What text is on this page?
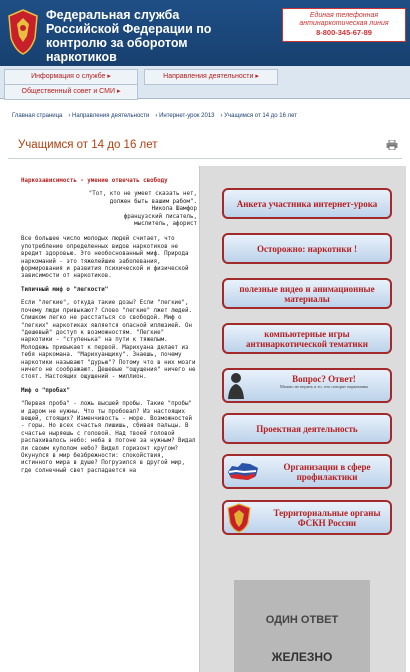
Федеральная служба Российской Федерации по контролю за оборотом наркотиков
Единая телефонная антинаркотическая линия
8-800-345-67-89
Информация о службе ▸	Направления деятельности ▸
Общественный совет и СМИ ▸
Главная страница › Направления деятельности › Интернет-урок 2013 › Учащимся от 14 до 16 лет
Учащимся от 14 до 16 лет

Наркозависимость - умение отвечать свободу

"Тот, кто не умеет сказать нет,
должен быть вашим рабом".
Никола Шамфор
французский писатель,
мыслитель, афорист

Все большее число молодых людей считает, что употребление определенных видов наркотиков не вредит здоровью. Это необоснованный миф. Природа наркоманий - это тяжелейшие заболевания, формирования и развития психической и физической зависимости от наркотиков.

Типичный миф о "легкости"

Если "легкие", откуда такие дозы? Если "легкие", почему люди привыкают? Слово "легкие" лжет людей. Слишком легко не расстаться со свободой. Миф о "легких" наркотиках является опасной иллюзией. Он "дешевый" доступ к возможностям. "Легкие" наркотики - "ступенька" на пути к тяжелым. Молодежь привыкает к первой. Марихуана делает из тебя наркомана. "Марихуанщику". Знаешь, почему наркотики называют "дурью"? Потому что в них мозги ничего не соображают. Дешевые "ощущения" ничего не стоят. Настоящих ощущений - миллион.

Миф о "пробах"

"Первая проба" - ложь высшей пробы. Такие "пробы" и даром не нужны. Что ты пробовал? Из настоящих вещей, стоящих? Изменчивость - море. Возможностей - горы. Но всех счастья лишишь, сбивая пальцы. В счастье ныряешь с головой. Над твоей головой распахивалось небо: неба в погоне за нужным? Видал ли своим куполом небо? Видел горизонт кругом? Окунулся в мир безбрежности: спокойствия, истинного мира в душе? Погрузился в другой мир, где солнечный свет распадается на

Анкета участника интернет-урока
Осторожно: наркотики !
полезные видео и анимационные материалы
компьютерные игры антинаркотической тематики
Вопрос? Ответ!
Можно не верить в то, что говорят наркоманы
Проектная деятельность
Организации в сфере профилактики
Территориальные органы ФСКН России
ОДИН ОТВЕТ
ЖЕЛЕЗНО
